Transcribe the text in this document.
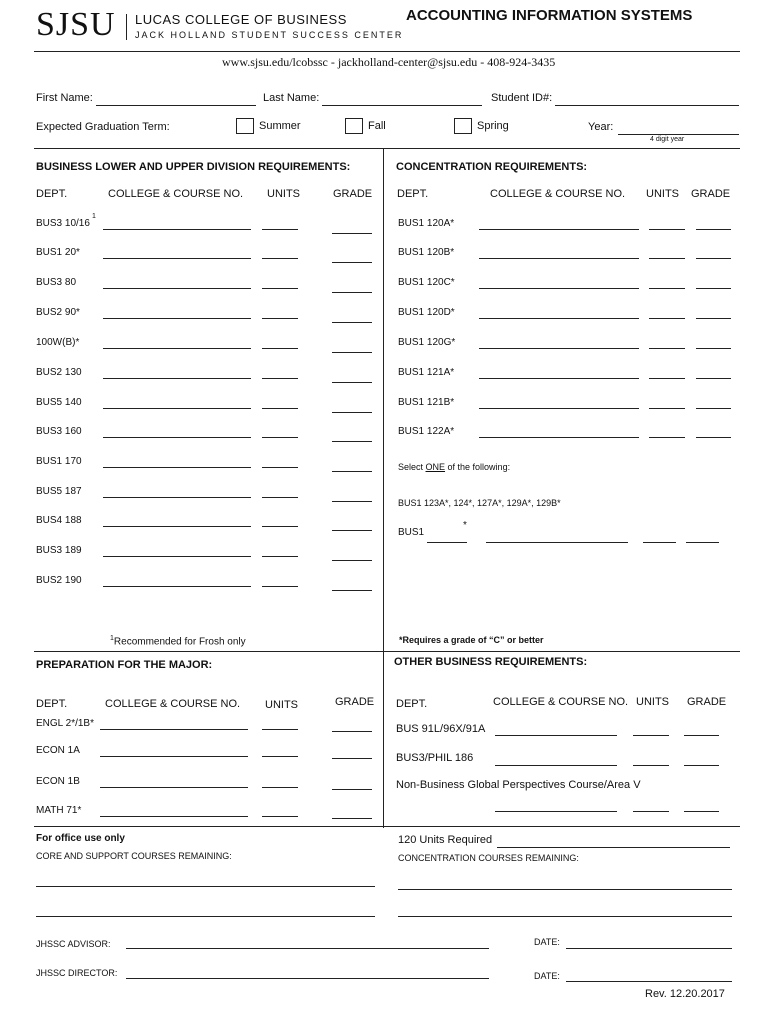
SJSU LUCAS COLLEGE OF BUSINESS
JACK HOLLAND STUDENT SUCCESS CENTER
ACCOUNTING INFORMATION SYSTEMS
www.sjsu.edu/lcobssc - jackholland-center@sjsu.edu - 408-924-3435
First Name:	Last Name:	Student ID#:
Expected Graduation Term:	Summer	Fall	Spring	Year:
4 digit year
BUSINESS LOWER AND UPPER DIVISION REQUIREMENTS:
DEPT.	COLLEGE & COURSE NO. UNITS	GRADE
BUS3 10/16
1
BUS1 20*
BUS3 80
BUS2 90*
100W(B)*
BUS2 130
BUS5 140
BUS3 160
BUS1 170
BUS5 187
BUS4 188
BUS3 189
BUS2 190
$^1$Recommended for Frosh only
CONCENTRATION REQUIREMENTS:
DEPT.	COLLEGE & COURSE NO. UNITS GRADE
BUS1 120A*
BUS1 120B*
BUS1 120C*
BUS1 120D*
BUS1 120G*
BUS1 121A*
BUS1 121B*
BUS1 122A*
Select ONE of the following:
BUS1 123A*, 124*, 127A*, 129A*, 129B*
BUS1
*
*Requires a grade of “C” or better
PREPARATION FOR THE MAJOR:
DEPT.	COLLEGE & COURSE NO. UNITS	GRADE
ENGL 2*/1B*
ECON 1A
ECON 1B
MATH 71*
OTHER BUSINESS REQUIREMENTS:
DEPT.	COLLEGE & COURSE NO. UNITS GRADE
BUS 91L/96X/91A
BUS3/PHIL 186
Non-Business Global Perspectives Course/Area V
For office use only
CORE AND SUPPORT COURSES REMAINING:
120 Units Required
CONCENTRATION COURSES REMAINING:
JHSSC ADVISOR:	DATE:
JHSSC DIRECTOR:	DATE:
Rev. 12.20.2017
